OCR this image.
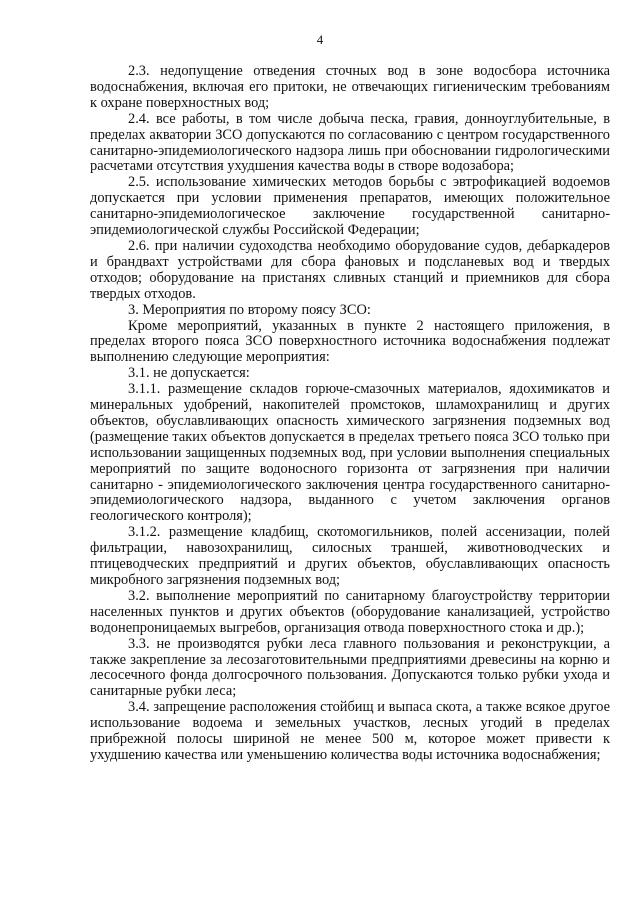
4

2.3. недопущение отведения сточных вод в зоне водосбора источника водоснабжения, включая его притоки, не отвечающих гигиеническим требованиям к охране поверхностных вод;

2.4. все работы, в том числе добыча песка, гравия, донноуглубительные, в пределах акватории ЗСО допускаются по согласованию с центром государственного санитарно-эпидемиологического надзора лишь при обосновании гидрологическими расчетами отсутствия ухудшения качества воды в створе водозабора;

2.5. использование химических методов борьбы с эвтрофикацией водоемов допускается при условии применения препаратов, имеющих положительное санитарно-эпидемиологическое заключение государственной санитарно-эпидемиологической службы Российской Федерации;

2.6. при наличии судоходства необходимо оборудование судов, дебаркадеров и брандвахт устройствами для сбора фановых и подсланевых вод и твердых отходов; оборудование на пристанях сливных станций и приемников для сбора твердых отходов.

3. Мероприятия по второму поясу ЗСО:

Кроме мероприятий, указанных в пункте 2 настоящего приложения, в пределах второго пояса ЗСО поверхностного источника водоснабжения подлежат выполнению следующие мероприятия:

3.1. не допускается:

3.1.1. размещение складов горюче-смазочных материалов, ядохимикатов и минеральных удобрений, накопителей промстоков, шламохранилищ и других объектов, обуславливающих опасность химического загрязнения подземных вод (размещение таких объектов допускается в пределах третьего пояса ЗСО только при использовании защищенных подземных вод, при условии выполнения специальных мероприятий по защите водоносного горизонта от загрязнения при наличии санитарно - эпидемиологического заключения центра государственного санитарно-эпидемиологического надзора, выданного с учетом заключения органов геологического контроля);

3.1.2. размещение кладбищ, скотомогильников, полей ассенизации, полей фильтрации, навозохранилищ, силосных траншей, животноводческих и птицеводческих предприятий и других объектов, обуславливающих опасность микробного загрязнения подземных вод;

3.2. выполнение мероприятий по санитарному благоустройству территории населенных пунктов и других объектов (оборудование канализацией, устройство водонепроницаемых выгребов, организация отвода поверхностного стока и др.);

3.3. не производятся рубки леса главного пользования и реконструкции, а также закрепление за лесозаготовительными предприятиями древесины на корню и лесосечного фонда долгосрочного пользования. Допускаются только рубки ухода и санитарные рубки леса;

3.4. запрещение расположения стойбищ и выпаса скота, а также всякое другое использование водоема и земельных участков, лесных угодий в пределах прибрежной полосы шириной не менее 500 м, которое может привести к ухудшению качества или уменьшению количества воды источника водоснабжения;
